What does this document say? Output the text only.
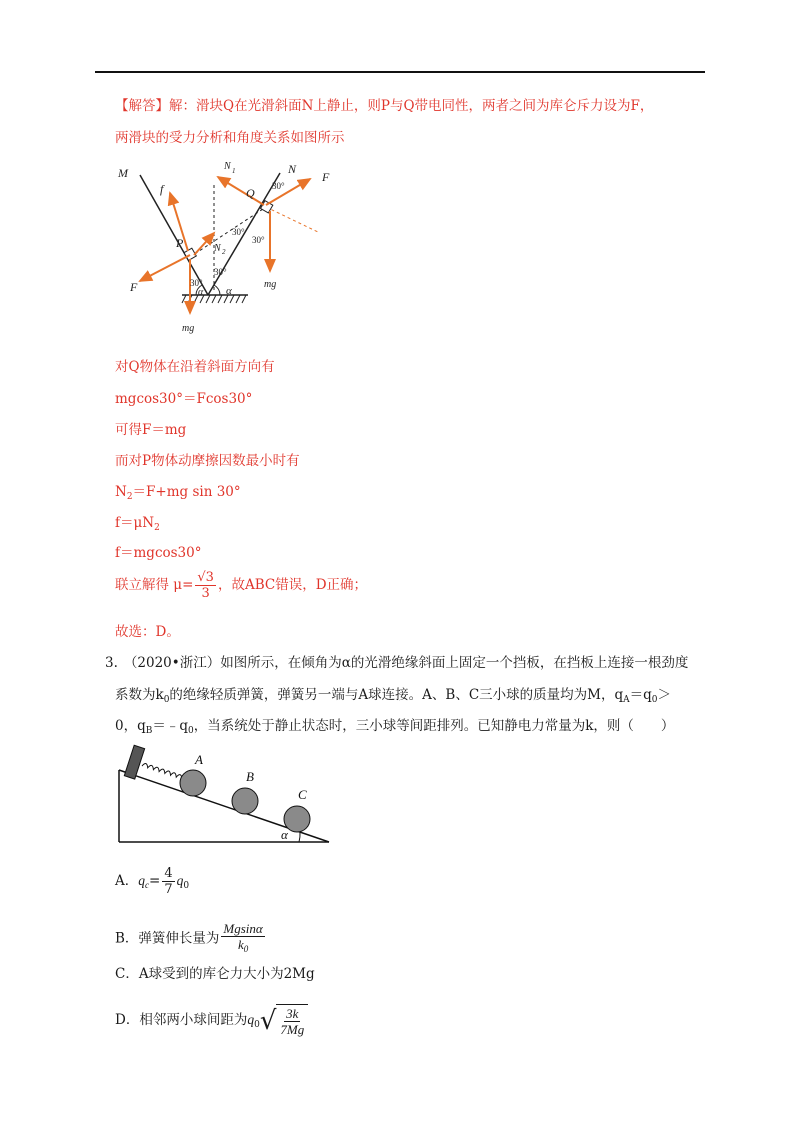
【解答】解：滑块Q在光滑斜面N上静止，则P与Q带电同性，两者之间为库仑斥力设为F，
两滑块的受力分析和角度关系如图所示
M	N
N 1
N 2
f
F
F
P
Q
mg
mg
30°
30°
30°
30°
30°
α α
对Q物体在沿着斜面方向有
mgcos30°＝Fcos30°
可得F＝mg
而对P物体动摩擦因数最小时有
$N_2=F+mg$ sin 30°
$f=\mu N_2$
f＝mgcos30°
联立解得 $\mu= \frac{√3}{3}$ ，故ABC错误，D正确；
故选：D。
3. （2020•浙江）如图所示，在倾角为α的光滑绝缘斜面上固定一个挡板，在挡板上连接一根劲度
系数为$k_0$的绝缘轻质弹簧，弹簧另一端与A球连接。A、B、C三小球的质量均为M，$q_A=q_0>$
0，$q_B=﹣q_0$，当系统处于静止状态时，三小球等间距排列。已知静电力常量为k，则（　　）
A
B
C
α
A．$q_c= \frac{4}{7} q_0$
B．弹簧伸长量为 $\frac{Mgsin\alpha}{k_0}$
C．A球受到的库仑力大小为2Mg
D．相邻两小球间距为$q_0$ √ $\frac{3k}{7Mg}$
